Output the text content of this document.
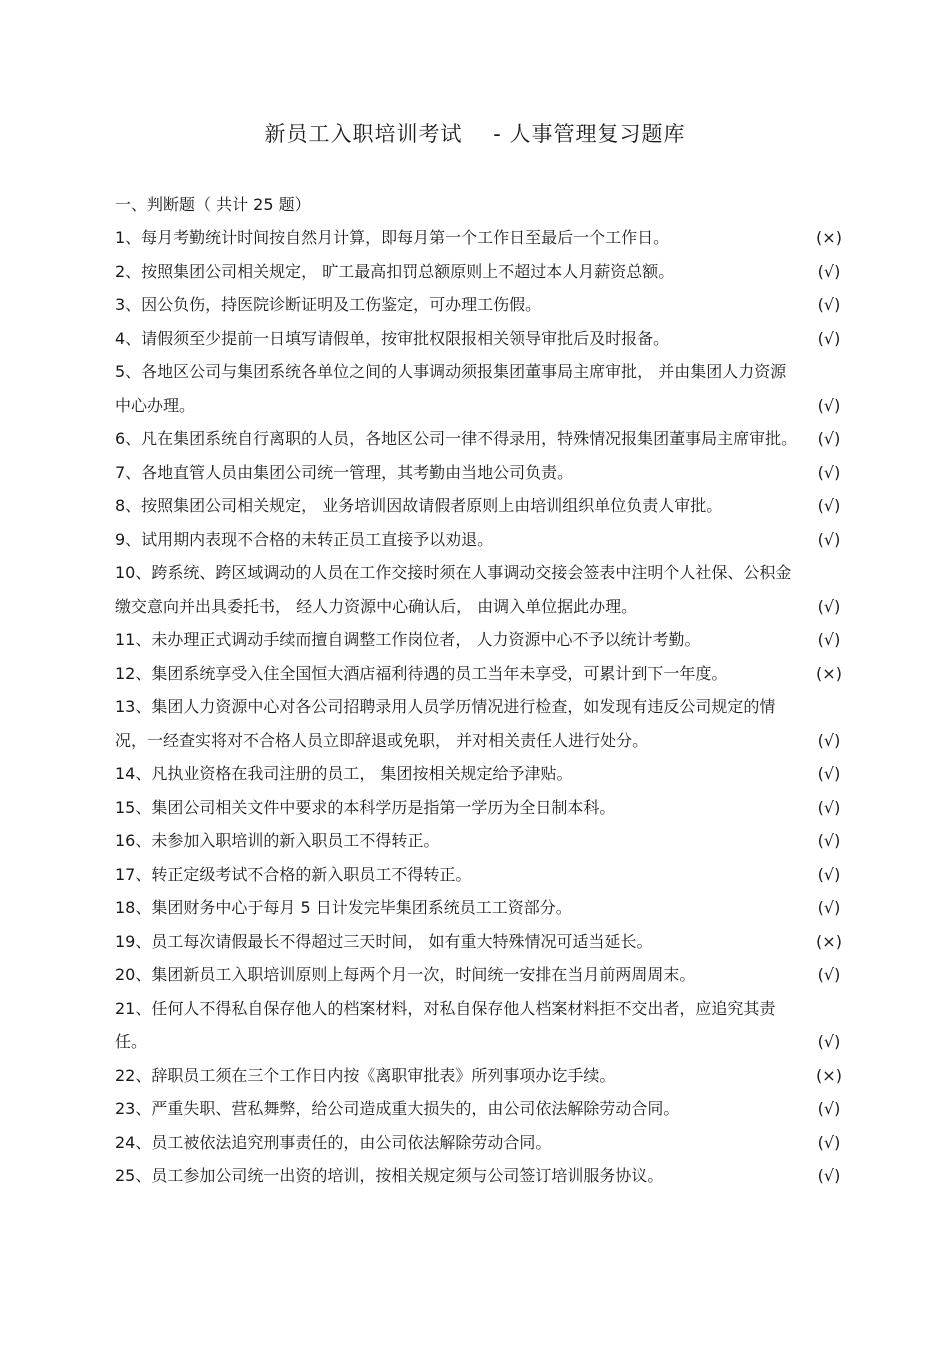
新员工入职培训考试    - 人事管理复习题库
一、判断题（ 共计 25 题）
1、每月考勤统计时间按自然月计算，即每月第一个工作日至最后一个工作日。	(×)
2、按照集团公司相关规定， 旷工最高扣罚总额原则上不超过本人月薪资总额。	(√)
3、因公负伤，持医院诊断证明及工伤鉴定，可办理工伤假。	(√)
4、请假须至少提前一日填写请假单，按审批权限报相关领导审批后及时报备。	(√)
5、各地区公司与集团系统各单位之间的人事调动须报集团董事局主席审批， 并由集团人力资源中心办理。	(√)
6、凡在集团系统自行离职的人员，各地区公司一律不得录用，特殊情况报集团董事局主席审批。	(√)
7、各地直管人员由集团公司统一管理，其考勤由当地公司负责。	(√)
8、按照集团公司相关规定， 业务培训因故请假者原则上由培训组织单位负责人审批。	(√)
9、试用期内表现不合格的未转正员工直接予以劝退。	(√)
10、跨系统、跨区域调动的人员在工作交接时须在人事调动交接会签表中注明个人社保、公积金缴交意向并出具委托书， 经人力资源中心确认后， 由调入单位据此办理。	(√)
11、未办理正式调动手续而擅自调整工作岗位者， 人力资源中心不予以统计考勤。	(√)
12、集团系统享受入住全国恒大酒店福利待遇的员工当年未享受，可累计到下一年度。	(×)
13、集团人力资源中心对各公司招聘录用人员学历情况进行检查，如发现有违反公司规定的情况，一经查实将对不合格人员立即辞退或免职， 并对相关责任人进行处分。	(√)
14、凡执业资格在我司注册的员工， 集团按相关规定给予津贴。	(√)
15、集团公司相关文件中要求的本科学历是指第一学历为全日制本科。	(√)
16、未参加入职培训的新入职员工不得转正。	(√)
17、转正定级考试不合格的新入职员工不得转正。	(√)
18、集团财务中心于每月 5 日计发完毕集团系统员工工资部分。	(√)
19、员工每次请假最长不得超过三天时间， 如有重大特殊情况可适当延长。	(×)
20、集团新员工入职培训原则上每两个月一次，时间统一安排在当月前两周周末。	(√)
21、任何人不得私自保存他人的档案材料，对私自保存他人档案材料拒不交出者，应追究其责任。	(√)
22、辞职员工须在三个工作日内按《离职审批表》所列事项办讫手续。	(×)
23、严重失职、营私舞弊，给公司造成重大损失的，由公司依法解除劳动合同。	(√)
24、员工被依法追究刑事责任的，由公司依法解除劳动合同。	(√)
25、员工参加公司统一出资的培训，按相关规定须与公司签订培训服务协议。	(√)
